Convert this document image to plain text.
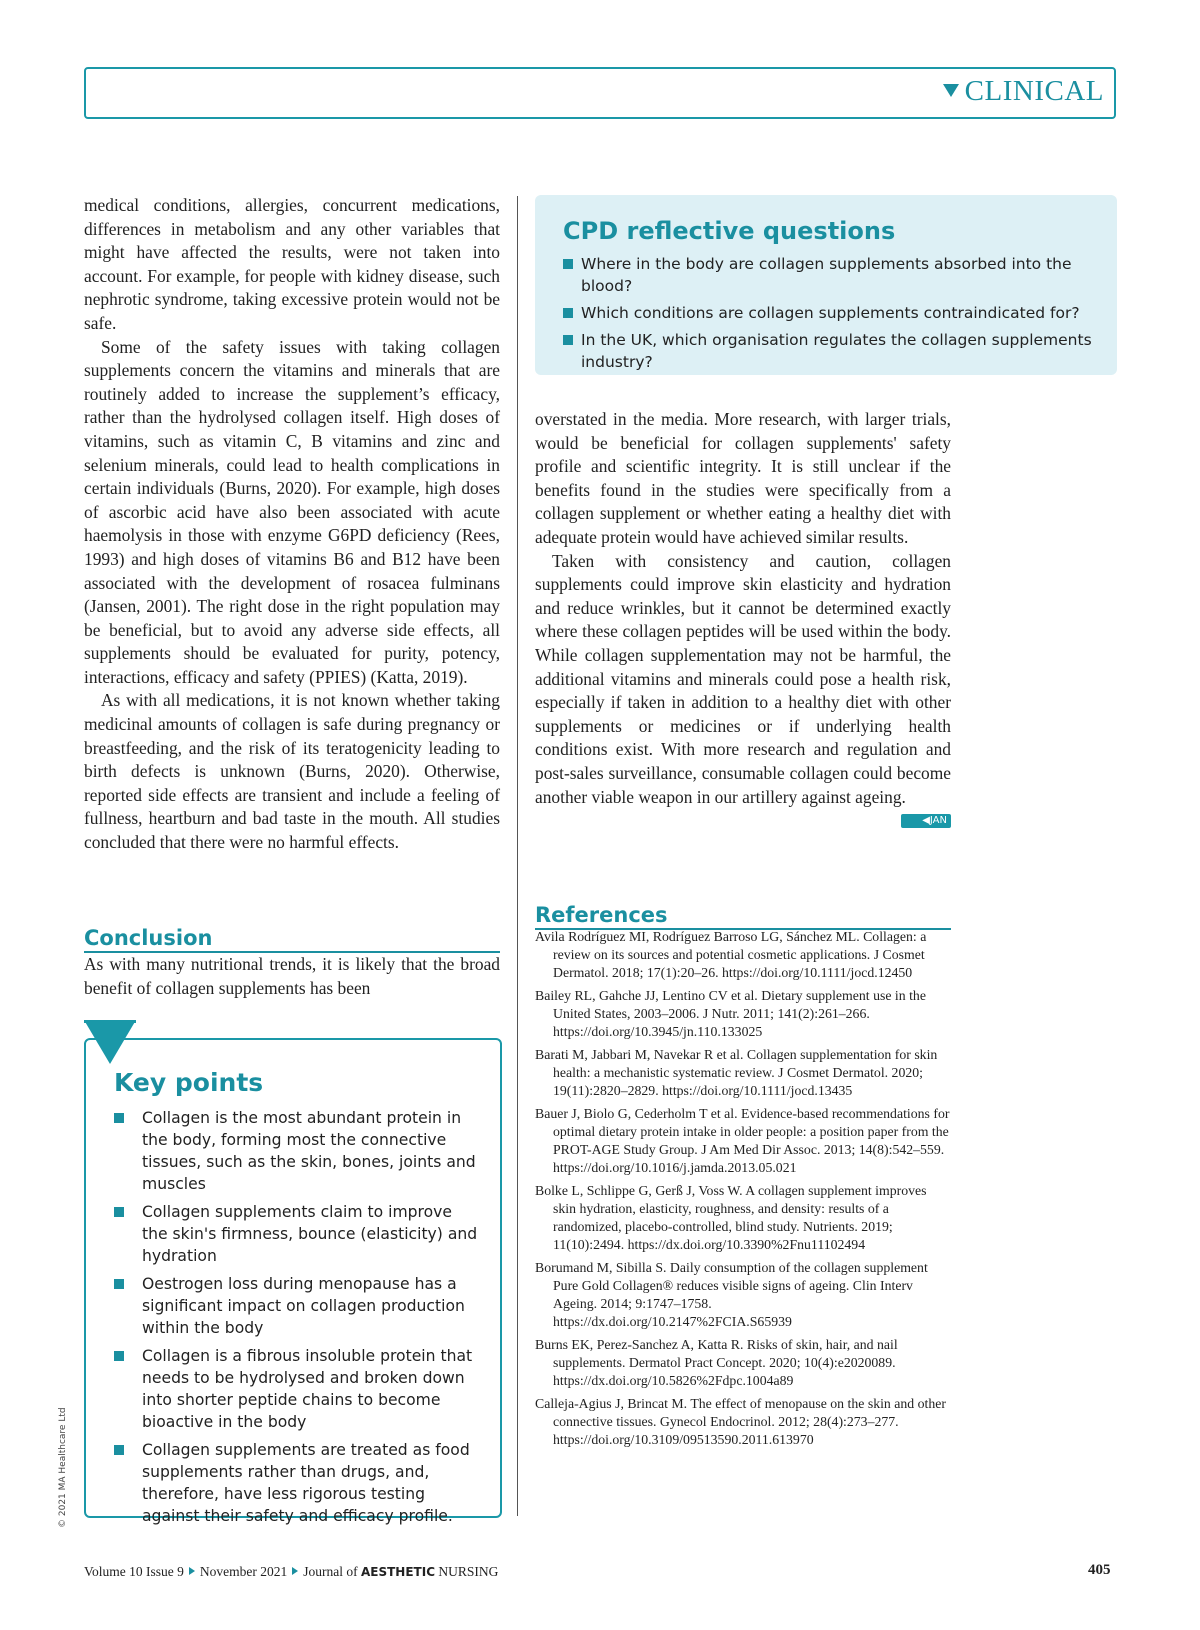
CLINICAL

medical conditions, allergies, concurrent medications, differences in metabolism and any other variables that might have affected the results, were not taken into account. For example, for people with kidney disease, such nephrotic syndrome, taking excessive protein would not be safe.

Some of the safety issues with taking collagen supplements concern the vitamins and minerals that are routinely added to increase the supplement’s efficacy, rather than the hydrolysed collagen itself. High doses of vitamins, such as vitamin C, B vitamins and zinc and selenium minerals, could lead to health complications in certain individuals (Burns, 2020). For example, high doses of ascorbic acid have also been associated with acute haemolysis in those with enzyme G6PD deficiency (Rees, 1993) and high doses of vitamins B6 and B12 have been associated with the development of rosacea fulminans (Jansen, 2001). The right dose in the right population may be beneficial, but to avoid any adverse side effects, all supplements should be evaluated for purity, potency, interactions, efficacy and safety (PPIES) (Katta, 2019).

As with all medications, it is not known whether taking medicinal amounts of collagen is safe during pregnancy or breastfeeding, and the risk of its teratogenicity leading to birth defects is unknown (Burns, 2020). Otherwise, reported side effects are transient and include a feeling of fullness, heartburn and bad taste in the mouth. All studies concluded that there were no harmful effects.

Conclusion

As with many nutritional trends, it is likely that the broad benefit of collagen supplements has been

CPD reflective questions
Where in the body are collagen supplements absorbed into the blood?
Which conditions are collagen supplements contraindicated for?
In the UK, which organisation regulates the collagen supplements industry?

overstated in the media. More research, with larger trials, would be beneficial for collagen supplements' safety profile and scientific integrity. It is still unclear if the benefits found in the studies were specifically from a collagen supplement or whether eating a healthy diet with adequate protein would have achieved similar results.

Taken with consistency and caution, collagen supplements could improve skin elasticity and hydration and reduce wrinkles, but it cannot be determined exactly where these collagen peptides will be used within the body. While collagen supplementation may not be harmful, the additional vitamins and minerals could pose a health risk, especially if taken in addition to a healthy diet with other supplements or medicines or if underlying health conditions exist. With more research and regulation and post-sales surveillance, consumable collagen could become another viable weapon in our artillery against ageing.
◀JAN

Key points
Collagen is the most abundant protein in the body, forming most the connective tissues, such as the skin, bones, joints and muscles
Collagen supplements claim to improve the skin's firmness, bounce (elasticity) and hydration
Oestrogen loss during menopause has a significant impact on collagen production within the body
Collagen is a fibrous insoluble protein that needs to be hydrolysed and broken down into shorter peptide chains to become bioactive in the body
Collagen supplements are treated as food supplements rather than drugs, and, therefore, have less rigorous testing against their safety and efficacy profile.
References
Avila Rodríguez MI, Rodríguez Barroso LG, Sánchez ML. Collagen: a review on its sources and potential cosmetic applications. J Cosmet Dermatol. 2018; 17(1):20–26. https://doi.org/10.1111/jocd.12450
Bailey RL, Gahche JJ, Lentino CV et al. Dietary supplement use in the United States, 2003–2006. J Nutr. 2011; 141(2):261–266. https://doi.org/10.3945/jn.110.133025
Barati M, Jabbari M, Navekar R et al. Collagen supplementation for skin health: a mechanistic systematic review. J Cosmet Dermatol. 2020; 19(11):2820–2829. https://doi.org/10.1111/jocd.13435
Bauer J, Biolo G, Cederholm T et al. Evidence-based recommendations for optimal dietary protein intake in older people: a position paper from the PROT-AGE Study Group. J Am Med Dir Assoc. 2013; 14(8):542–559. https://doi.org/10.1016/j.jamda.2013.05.021
Bolke L, Schlippe G, Gerß J, Voss W. A collagen supplement improves skin hydration, elasticity, roughness, and density: results of a randomized, placebo-controlled, blind study. Nutrients. 2019; 11(10):2494. https://dx.doi.org/10.3390%2Fnu11102494
Borumand M, Sibilla S. Daily consumption of the collagen supplement Pure Gold Collagen® reduces visible signs of ageing. Clin Interv Ageing. 2014; 9:1747–1758. https://dx.doi.org/10.2147%2FCIA.S65939
Burns EK, Perez-Sanchez A, Katta R. Risks of skin, hair, and nail supplements. Dermatol Pract Concept. 2020; 10(4):e2020089. https://dx.doi.org/10.5826%2Fdpc.1004a89
Calleja-Agius J, Brincat M. The effect of menopause on the skin and other connective tissues. Gynecol Endocrinol. 2012; 28(4):273–277. https://doi.org/10.3109/09513590.2011.613970
© 2021 MA Healthcare Ltd
Volume 10 Issue 9 November 2021 Journal of AESTHETIC NURSING	405
